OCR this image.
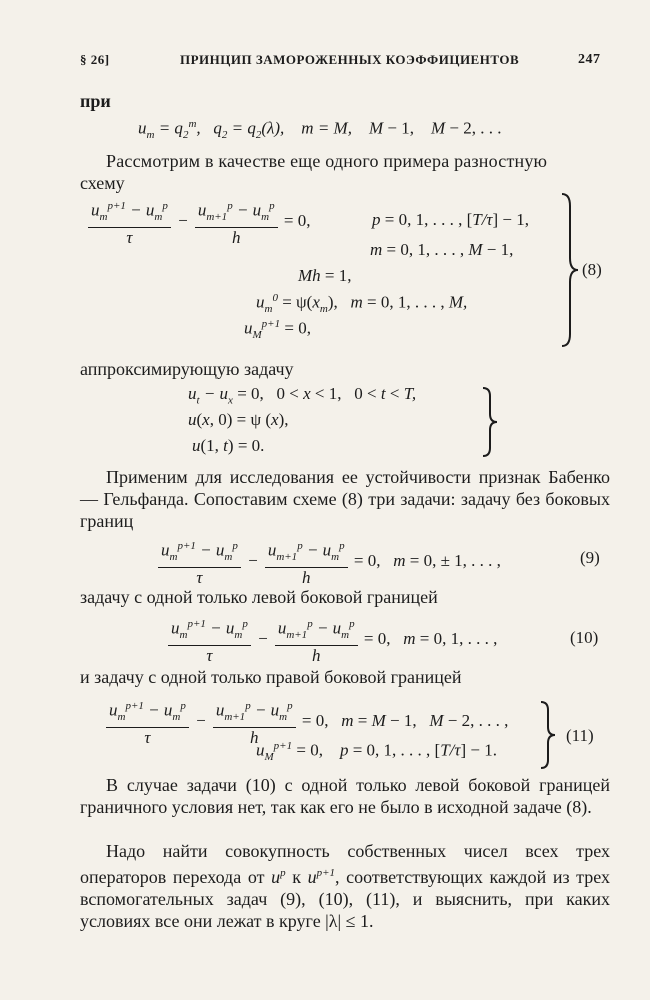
§ 26]	ПРИНЦИП ЗАМОРОЖЕННЫХ КОЭФФИЦИЕНТОВ	247
при
$u_m = q_2^m$,   $q_2 = q_2(\lambda)$,    m = M,    M − 1,    M − 2, . . .
Рассмотрим в качестве еще одного примера разностную
схему
$\frac{u_m^{p+1} - u_m^p}{\tau} - \frac{u_{m+1}^p - u_m^p}{h} = 0$,	p = 0, 1, . . . , [T/τ] − 1,
m = 0, 1, . . . , M − 1,
Mh = 1,
$u_m^0 = \psi(x_m)$,   m = 0, 1, . . . , M,
$u_M^{p+1} = 0$,
(8)
аппроксимирующую задачу
$u_t - u_x = 0$,   0 < x < 1,   0 < t < T,
u(x, 0) = ψ (x),
u(1, t) = 0.
Применим для исследования ее устойчивости признак Бабенко — Гельфанда. Сопоставим схеме (8) три задачи: задачу без боковых границ
$\frac{u_m^{p+1} - u_m^p}{\tau} - \frac{u_{m+1}^p - u_m^p}{h} = 0$,   m = 0, ± 1, . . . ,	(9)
задачу с одной только левой боковой границей
$\frac{u_m^{p+1} - u_m^p}{\tau} - \frac{u_{m+1}^p - u_m^p}{h} = 0$,   m = 0, 1, . . . ,	(10)
и задачу с одной только правой боковой границей
$\frac{u_m^{p+1} - u_m^p}{\tau} - \frac{u_{m+1}^p - u_m^p}{h} = 0$,   m = M − 1,   M − 2, . . . ,
$u_M^{p+1} = 0$,    p = 0, 1, . . . , [T/τ] − 1.
(11)
В случае задачи (10) с одной только левой боковой границей граничного условия нет, так как его не было в исходной задаче (8).
Надо найти совокупность собственных чисел всех трех операторов перехода от $u^p$ к $u^{p+1}$, соответствующих каждой из трех вспомогательных задач (9), (10), (11), и выяснить, при каких условиях все они лежат в круге |λ| ≤ 1.
